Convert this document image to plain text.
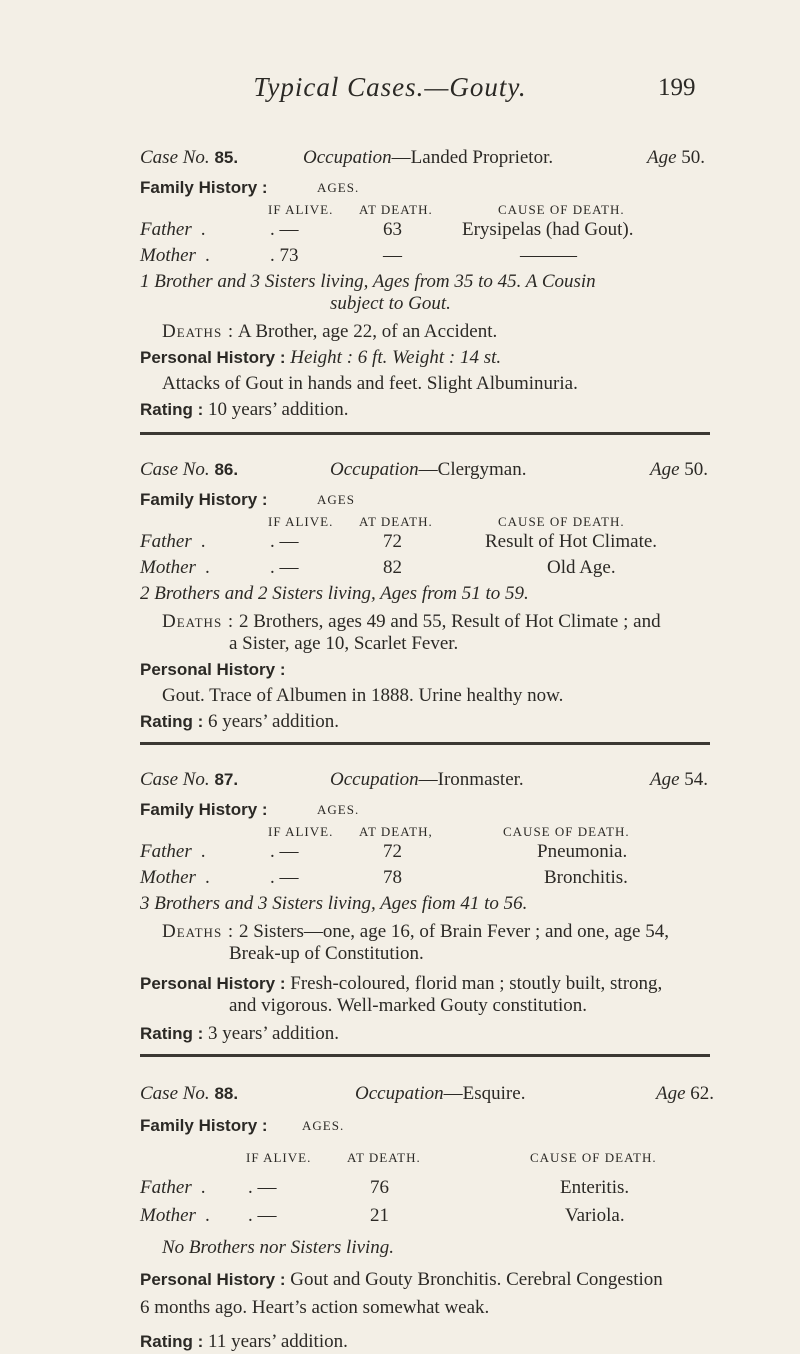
Typical Cases.—Gouty.	199
Case No. 85.	Occupation—Landed Proprietor.	Age 50.
Family History :	AGES.
IF ALIVE. AT DEATH.	CAUSE OF DEATH.
Father  .	. —	63	Erysipelas (had Gout).
Mother  .	. 73	—	———
1 Brother and 3 Sisters living, Ages from 35 to 45. A Cousin
subject to Gout.
Deaths : A Brother, age 22, of an Accident.
Personal History : Height : 6 ft. Weight : 14 st.
Attacks of Gout in hands and feet. Slight Albuminuria.
Rating : 10 years’ addition.
Case No. 86.	Occupation—Clergyman.	Age 50.
Family History :	AGES
IF ALIVE. AT DEATH.	CAUSE OF DEATH.
Father  .	. —	72	Result of Hot Climate.
Mother  .	. —	82	Old Age.
2 Brothers and 2 Sisters living, Ages from 51 to 59.
Deaths : 2 Brothers, ages 49 and 55, Result of Hot Climate ; and
a Sister, age 10, Scarlet Fever.
Personal History :
Gout. Trace of Albumen in 1888. Urine healthy now.
Rating : 6 years’ addition.
Case No. 87.	Occupation—Ironmaster.	Age 54.
Family History :	AGES.
IF ALIVE. AT DEATH,	CAUSE OF DEATH.
Father  .	. —	72	Pneumonia.
Mother  .	. —	78	Bronchitis.
3 Brothers and 3 Sisters living, Ages fiom 41 to 56.
Deaths : 2 Sisters—one, age 16, of Brain Fever ; and one, age 54,
Break-up of Constitution.
Personal History : Fresh-coloured, florid man ; stoutly built, strong,
and vigorous. Well-marked Gouty constitution.
Rating : 3 years’ addition.
Case No. 88.	Occupation—Esquire.	Age 62.
Family History :	AGES.
IF ALIVE.	AT DEATH.	CAUSE OF DEATH.
Father  . . —	76	Enteritis.
Mother  . . —	21	Variola.
No Brothers nor Sisters living.
Personal History : Gout and Gouty Bronchitis. Cerebral Congestion
6 months ago. Heart’s action somewhat weak.
Rating : 11 years’ addition.
